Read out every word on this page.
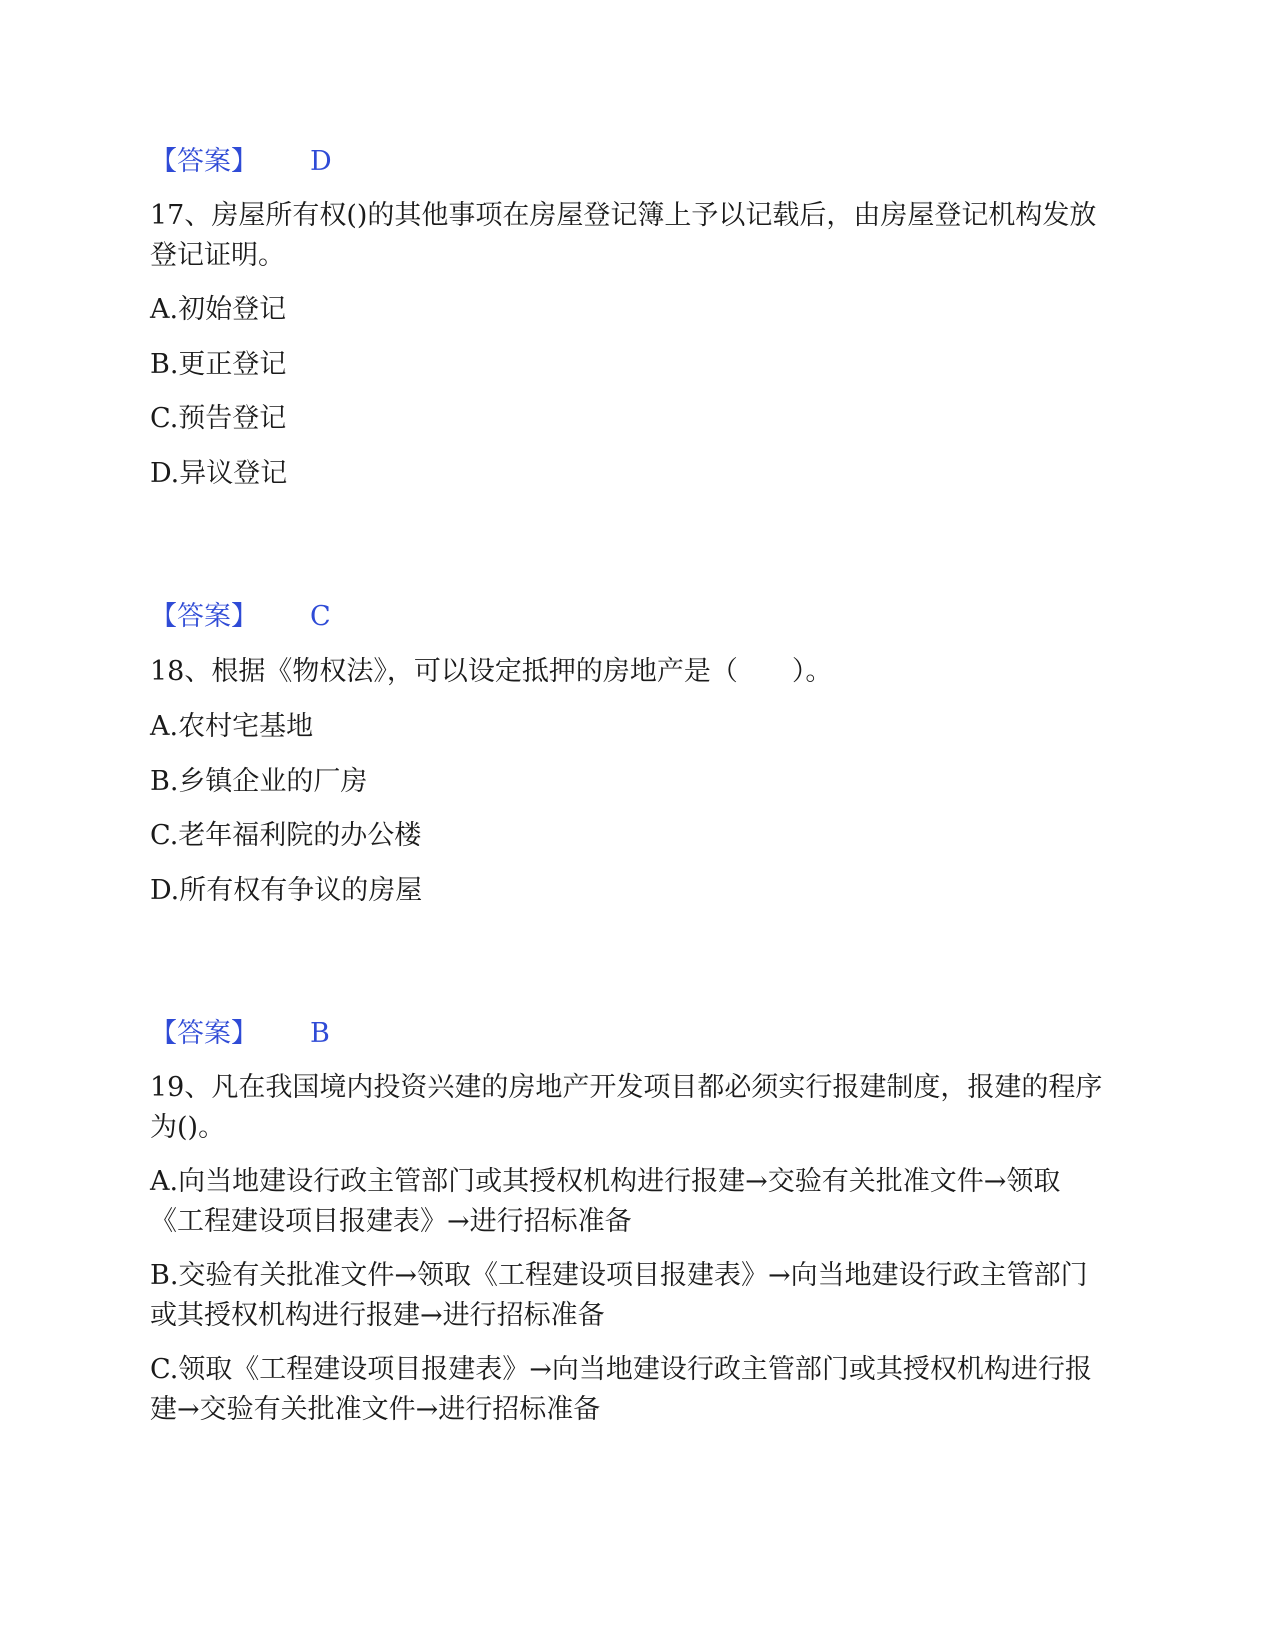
【答案】 D

17、房屋所有权()的其他事项在房屋登记簿上予以记载后，由房屋登记机构发放登记证明。

A.初始登记
B.更正登记
C.预告登记
D.异议登记
【答案】 C

18、根据《物权法》，可以设定抵押的房地产是（　　）。

A.农村宅基地
B.乡镇企业的厂房
C.老年福利院的办公楼
D.所有权有争议的房屋
【答案】 B

19、凡在我国境内投资兴建的房地产开发项目都必须实行报建制度，报建的程序为()。

A.向当地建设行政主管部门或其授权机构进行报建→交验有关批准文件→领取《工程建设项目报建表》→进行招标准备
B.交验有关批准文件→领取《工程建设项目报建表》→向当地建设行政主管部门或其授权机构进行报建→进行招标准备
C.领取《工程建设项目报建表》→向当地建设行政主管部门或其授权机构进行报建→交验有关批准文件→进行招标准备
